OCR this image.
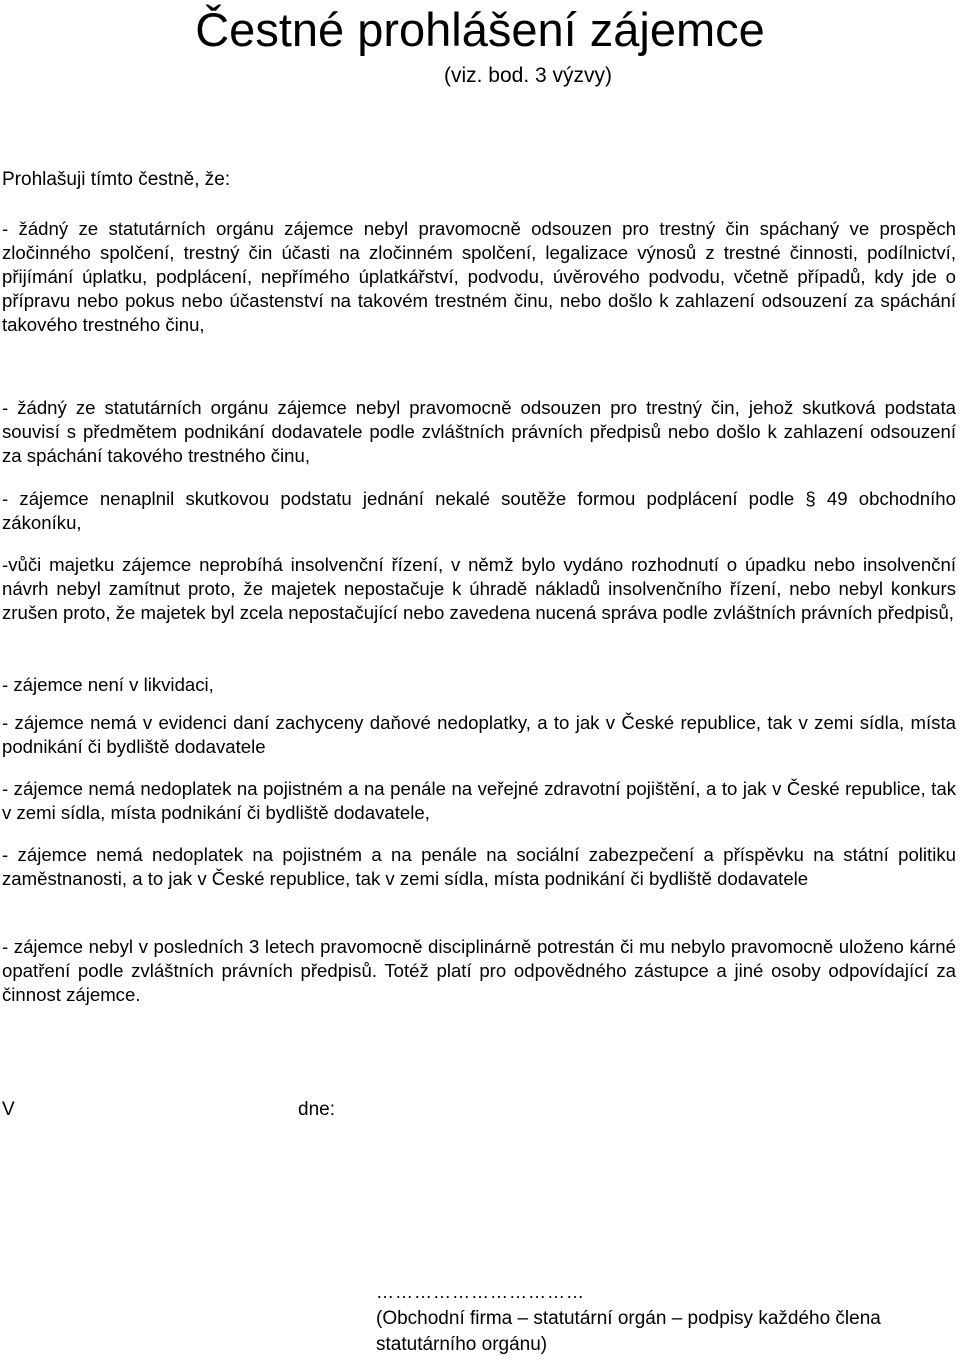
Čestné prohlášení zájemce
(viz. bod. 3 výzvy)
Prohlašuji tímto čestně, že:
- žádný ze statutárních orgánu zájemce nebyl pravomocně odsouzen pro trestný čin spáchaný ve prospěch zločinného spolčení, trestný čin účasti na zločinném spolčení, legalizace výnosů z trestné činnosti, podílnictví, přijímání úplatku, podplácení, nepřímého úplatkářství, podvodu, úvěrového podvodu, včetně případů, kdy jde o přípravu nebo pokus nebo účastenství na takovém trestném činu, nebo došlo k zahlazení odsouzení za spáchání takového trestného činu,
- žádný ze statutárních orgánu zájemce nebyl pravomocně odsouzen pro trestný čin, jehož skutková podstata souvisí s předmětem podnikání dodavatele podle zvláštních právních předpisů nebo došlo k zahlazení odsouzení za spáchání takového trestného činu,
- zájemce nenaplnil skutkovou podstatu jednání nekalé soutěže formou podplácení podle § 49 obchodního zákoníku,
-vůči majetku zájemce neprobíhá insolvenční řízení, v němž bylo vydáno rozhodnutí o úpadku nebo insolvenční návrh nebyl zamítnut proto, že majetek nepostačuje k úhradě nákladů insolvenčního řízení, nebo nebyl konkurs zrušen proto, že majetek byl zcela nepostačující nebo zavedena nucená správa podle zvláštních právních předpisů,
- zájemce není v likvidaci,
- zájemce nemá v evidenci daní zachyceny daňové nedoplatky, a to jak v České republice, tak v zemi sídla, místa podnikání či bydliště dodavatele
- zájemce nemá nedoplatek na pojistném a na penále na veřejné zdravotní pojištění, a to jak v České republice, tak v zemi sídla, místa podnikání či bydliště dodavatele,
- zájemce nemá nedoplatek na pojistném a na penále na sociální zabezpečení a příspěvku na státní politiku zaměstnanosti, a to jak v České republice, tak v zemi sídla, místa podnikání či bydliště dodavatele
- zájemce nebyl v posledních 3 letech pravomocně disciplinárně potrestán či mu nebylo pravomocně uloženo kárné opatření podle zvláštních právních předpisů. Totéž platí pro odpovědného zástupce a jiné osoby odpovídající za činnost zájemce.
V	dne:
……………………………
(Obchodní firma – statutární orgán – podpisy každého člena statutárního orgánu)
